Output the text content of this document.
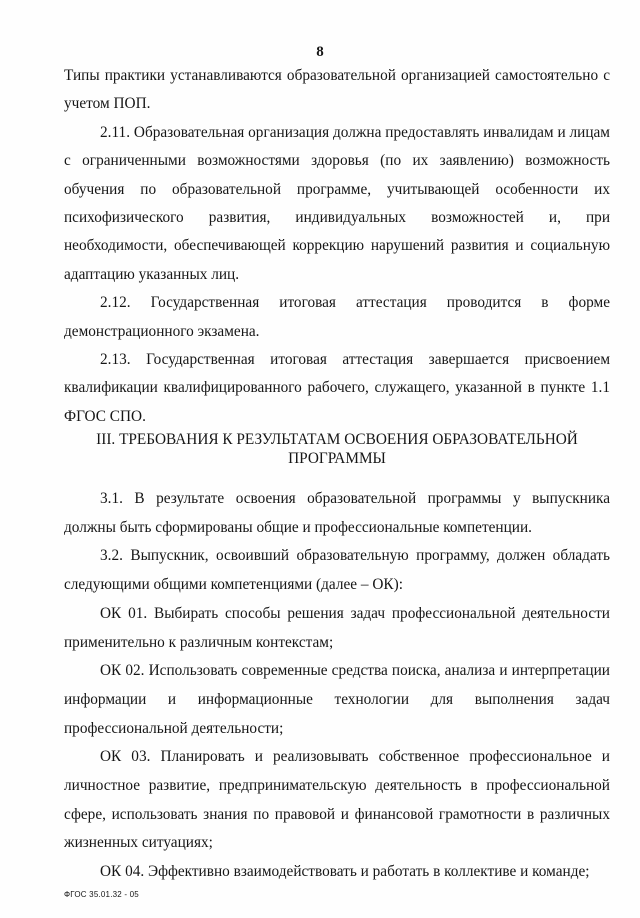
8

Типы практики устанавливаются образовательной организацией самостоятельно с учетом ПОП.

2.11. Образовательная организация должна предоставлять инвалидам и лицам с ограниченными возможностями здоровья (по их заявлению) возможность обучения по образовательной программе, учитывающей особенности их психофизического развития, индивидуальных возможностей и, при необходимости, обеспечивающей коррекцию нарушений развития и социальную адаптацию указанных лиц.

2.12. Государственная итоговая аттестация проводится в форме демонстрационного экзамена.

2.13. Государственная итоговая аттестация завершается присвоением квалификации квалифицированного рабочего, служащего, указанной в пункте 1.1 ФГОС СПО.

III. ТРЕБОВАНИЯ К РЕЗУЛЬТАТАМ ОСВОЕНИЯ ОБРАЗОВАТЕЛЬНОЙ
ПРОГРАММЫ

3.1. В результате освоения образовательной программы у выпускника должны быть сформированы общие и профессиональные компетенции.

3.2. Выпускник, освоивший образовательную программу, должен обладать следующими общими компетенциями (далее – ОК):

ОК 01. Выбирать способы решения задач профессиональной деятельности применительно к различным контекстам;

ОК 02. Использовать современные средства поиска, анализа и интерпретации информации и информационные технологии для выполнения задач профессиональной деятельности;

ОК 03. Планировать и реализовывать собственное профессиональное и личностное развитие, предпринимательскую деятельность в профессиональной сфере, использовать знания по правовой и финансовой грамотности в различных жизненных ситуациях;

ОК 04. Эффективно взаимодействовать и работать в коллективе и команде;

ФГОС 35.01.32 - 05
